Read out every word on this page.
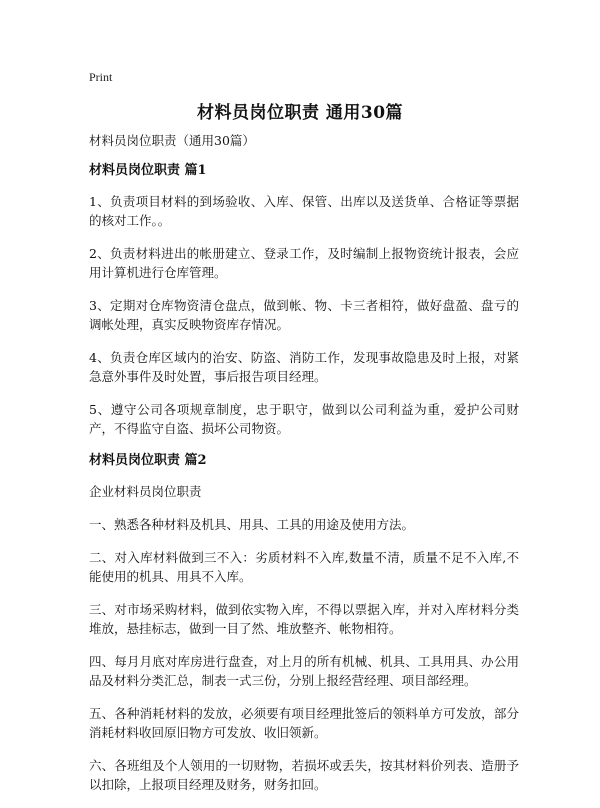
Print
材料员岗位职责 通用30篇

材料员岗位职责（通用30篇）

材料员岗位职责 篇1

1、负责项目材料的到场验收、入库、保管、出库以及送货单、合格证等票据的核对工作。。

2、负责材料进出的帐册建立、登录工作，及时编制上报物资统计报表，会应用计算机进行仓库管理。

3、定期对仓库物资清仓盘点，做到帐、物、卡三者相符，做好盘盈、盘亏的调帐处理，真实反映物资库存情况。

4、负责仓库区域内的治安、防盗、消防工作，发现事故隐患及时上报，对紧急意外事件及时处置，事后报告项目经理。

5、遵守公司各项规章制度，忠于职守，做到以公司利益为重，爱护公司财产，不得监守自盗、损坏公司物资。

材料员岗位职责 篇2

企业材料员岗位职责

一、熟悉各种材料及机具、用具、工具的用途及使用方法。

二、对入库材料做到三不入：劣质材料不入库,数量不清，质量不足不入库,不能使用的机具、用具不入库。

三、对市场采购材料，做到依实物入库，不得以票据入库，并对入库材料分类堆放，悬挂标志，做到一目了然、堆放整齐、帐物相符。

四、每月月底对库房进行盘查，对上月的所有机械、机具、工具用具、办公用品及材料分类汇总，制表一式三份，分别上报经营经理、项目部经理。

五、各种消耗材料的发放，必须要有项目经理批签后的领料单方可发放，部分消耗材料收回原旧物方可发放、收旧领新。

六、各班组及个人领用的一切财物，若损坏或丢失，按其材料价列表、造册予以扣除，上报项目经理及财务，财务扣回。
